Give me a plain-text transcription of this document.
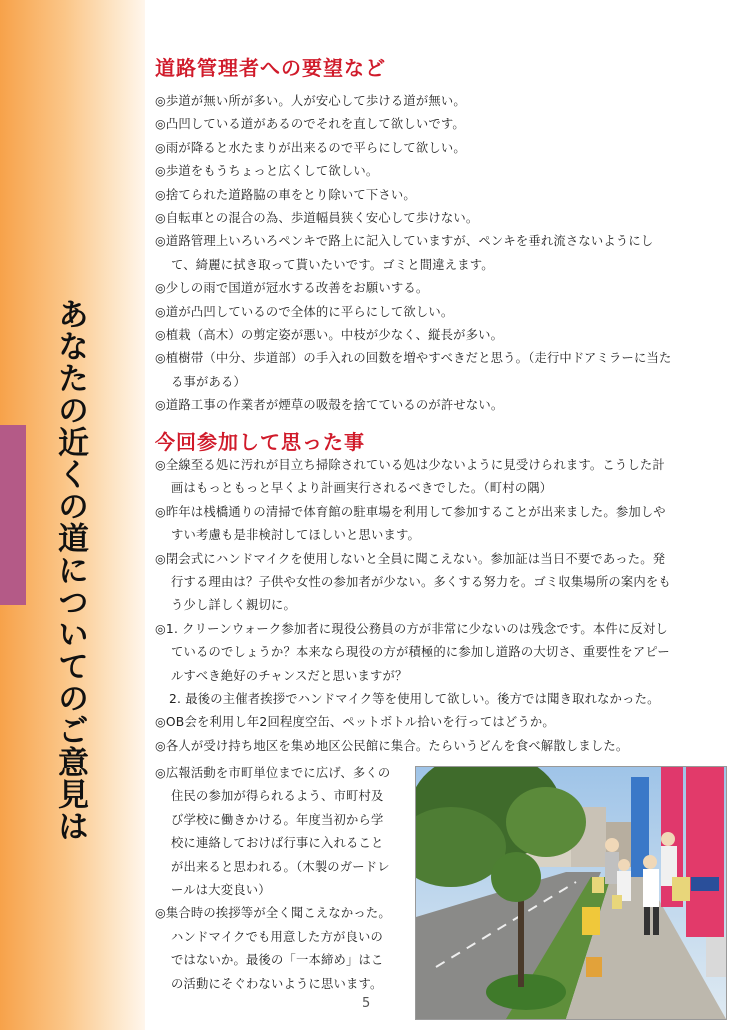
あなたの近くの道についてのご意見は
道路管理者への要望など
◎歩道が無い所が多い。人が安心して歩ける道が無い。
◎凸凹している道があるのでそれを直して欲しいです。
◎雨が降ると水たまりが出来るので平らにして欲しい。
◎歩道をもうちょっと広くして欲しい。
◎捨てられた道路脇の車をとり除いて下さい。
◎自転車との混合の為、歩道幅員狭く安心して歩けない。
◎道路管理上いろいろペンキで路上に記入していますが、ペンキを垂れ流さないようにして、綺麗に拭き取って貰いたいです。ゴミと間違えます。
◎少しの雨で国道が冠水する改善をお願いする。
◎道が凸凹しているので全体的に平らにして欲しい。
◎植栽（高木）の剪定姿が悪い。中枝が少なく、縦長が多い。
◎植樹帯（中分、歩道部）の手入れの回数を増やすべきだと思う。（走行中ドアミラーに当たる事がある）
◎道路工事の作業者が煙草の吸殻を捨てているのが許せない。
今回参加して思った事
◎全線至る処に汚れが目立ち掃除されている処は少ないように見受けられます。こうした計画はもっともっと早くより計画実行されるべきでした。（町村の隅）
◎昨年は桟橋通りの清掃で体育館の駐車場を利用して参加することが出来ました。参加しやすい考慮も是非検討してほしいと思います。
◎閉会式にハンドマイクを使用しないと全員に聞こえない。参加証は当日不要であった。発行する理由は？子供や女性の参加者が少ない。多くする努力を。ゴミ収集場所の案内をもう少し詳しく親切に。
◎1. クリーンウォーク参加者に現役公務員の方が非常に少ないのは残念です。本件に反対しているのでしょうか？本来なら現役の方が積極的に参加し道路の大切さ、重要性をアピールすべき絶好のチャンスだと思いますが？
2. 最後の主催者挨拶でハンドマイク等を使用して欲しい。後方では聞き取れなかった。
◎OB会を利用し年2回程度空缶、ペットボトル拾いを行ってはどうか。
◎各人が受け持ち地区を集め地区公民館に集合。たらいうどんを食べ解散しました。
◎広報活動を市町単位までに広げ、多くの住民の参加が得られるよう、市町村及び学校に働きかける。年度当初から学校に連絡しておけば行事に入れることが出来ると思われる。（木製のガードレールは大変良い）
◎集合時の挨拶等が全く聞こえなかった。ハンドマイクでも用意した方が良いのではないか。最後の「一本締め」はこの活動にそぐわないように思います。
5
